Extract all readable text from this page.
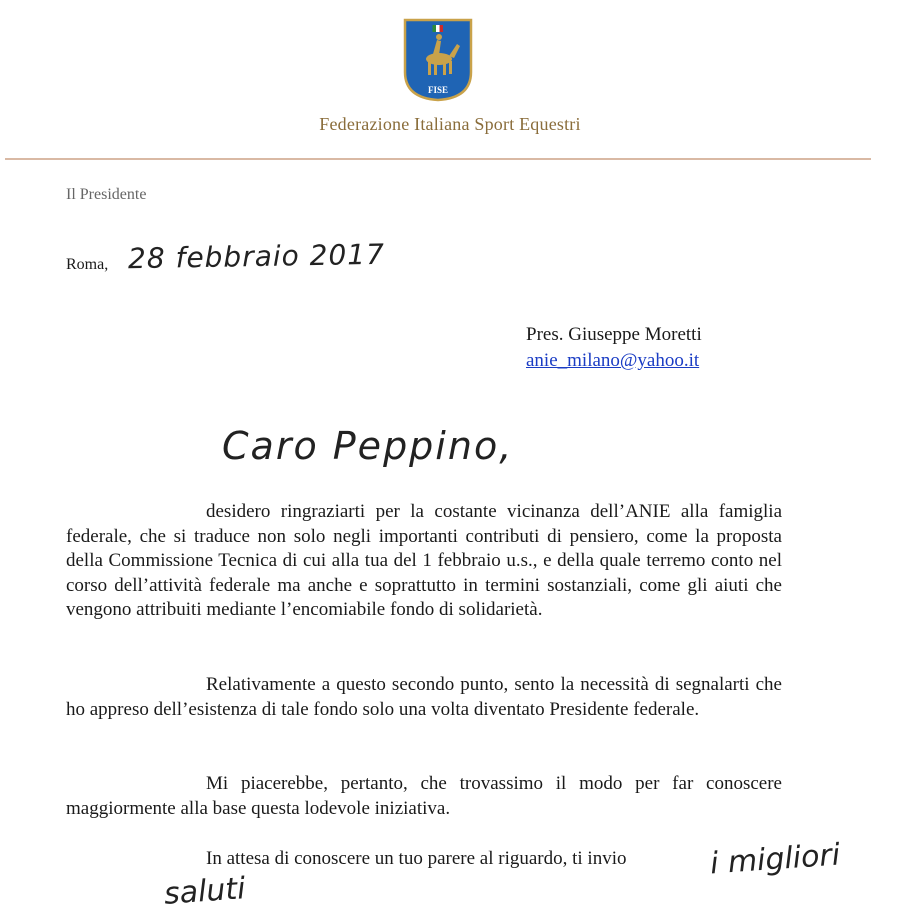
FISE
Federazione Italiana Sport Equestri
Il Presidente
Roma, 28 febbraio 2017
Pres. Giuseppe Moretti
anie_milano@yahoo.it
Caro Peppino,
desidero ringraziarti per la costante vicinanza dell’ANIE alla famiglia federale, che si traduce non solo negli importanti contributi di pensiero, come la proposta della Commissione Tecnica di cui alla tua del 1 febbraio u.s., e della quale terremo conto nel corso dell’attività federale ma anche e soprattutto in termini sostanziali, come gli aiuti che vengono attribuiti mediante l’encomiabile fondo di solidarietà.
Relativamente a questo secondo punto, sento la necessità di segnalarti che ho appreso dell’esistenza di tale fondo solo una volta diventato Presidente federale.
Mi piacerebbe, pertanto, che trovassimo il modo per far conoscere maggiormente alla base questa lodevole iniziativa.
In attesa di conoscere un tuo parere al riguardo, ti invio	i migliori
saluti
